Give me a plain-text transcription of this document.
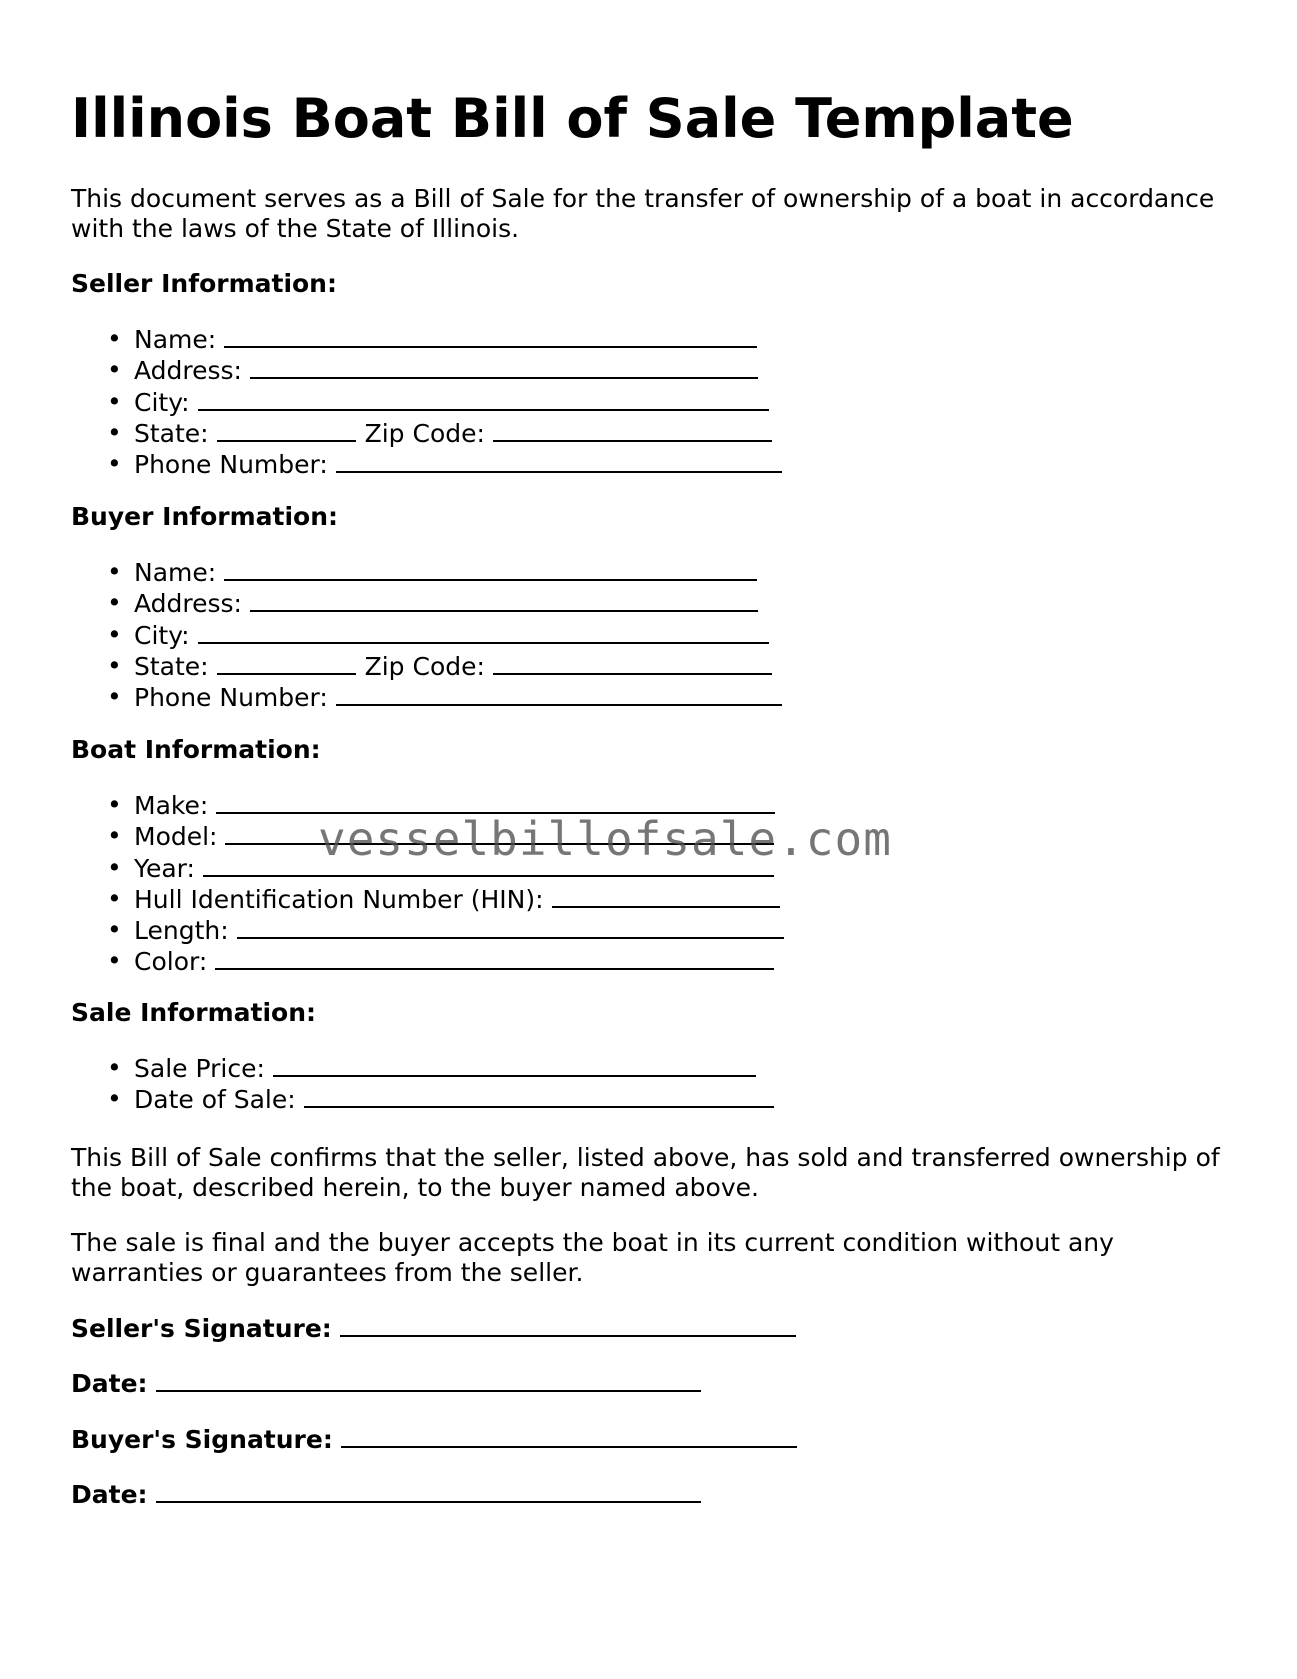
Illinois Boat Bill of Sale Template

This document serves as a Bill of Sale for the transfer of ownership of a boat in accordance with the laws of the State of Illinois.

Seller Information:
• Name:
• Address:
• City:
• State:	Zip Code:
• Phone Number:
Buyer Information:
• Name:
• Address:
• City:
• State:	Zip Code:
• Phone Number:
Boat Information:
• Make:
• Model:
• Year:
• Hull Identification Number (HIN):
• Length:
• Color:
Sale Information:
• Sale Price:
• Date of Sale:

This Bill of Sale confirms that the seller, listed above, has sold and transferred ownership of the boat, described herein, to the buyer named above.

The sale is final and the buyer accepts the boat in its current condition without any warranties or guarantees from the seller.

Seller's Signature:
Date:
Buyer's Signature:
Date:
vesselbillofsale.com
